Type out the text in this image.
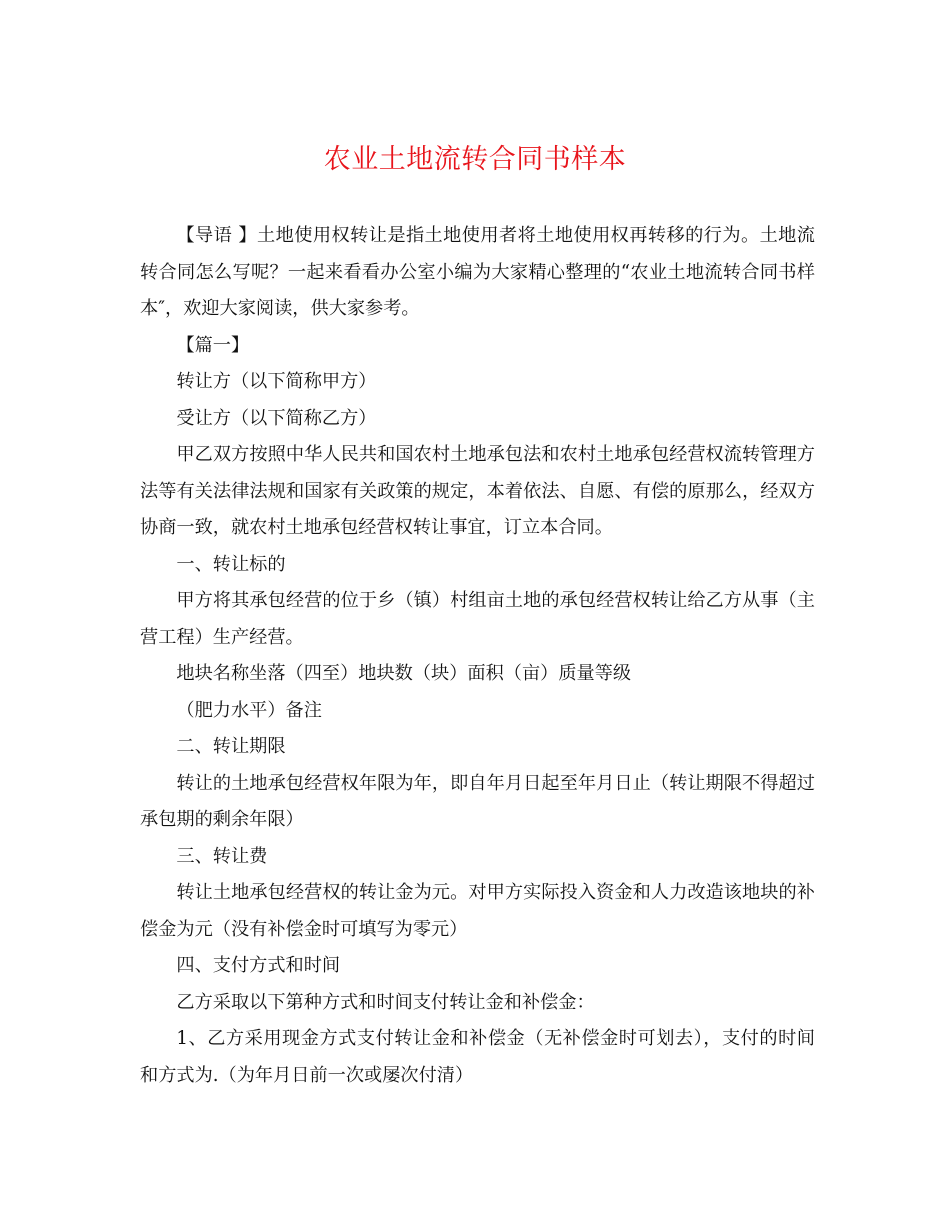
农业土地流转合同书样本

【导语 】土地使用权转让是指土地使用者将土地使用权再转移的行为。土地流转合同怎么写呢？一起来看看办公室小编为大家精心整理的“农业土地流转合同书样本″，欢迎大家阅读，供大家参考。

【篇一】

转让方（以下简称甲方）

受让方（以下简称乙方）

甲乙双方按照中华人民共和国农村土地承包法和农村土地承包经营权流转管理方法等有关法律法规和国家有关政策的规定，本着依法、自愿、有偿的原那么，经双方协商一致，就农村土地承包经营权转让事宜，订立本合同。

一、转让标的

甲方将其承包经营的位于乡（镇）村组亩土地的承包经营权转让给乙方从事（主营工程）生产经营。

地块名称坐落（四至）地块数（块）面积（亩）质量等级

（肥力水平）备注

二、转让期限

转让的土地承包经营权年限为年，即自年月日起至年月日止（转让期限不得超过承包期的剩余年限）

三、转让费

转让土地承包经营权的转让金为元。对甲方实际投入资金和人力改造该地块的补偿金为元（没有补偿金时可填写为零元）

四、支付方式和时间

乙方采取以下第种方式和时间支付转让金和补偿金：

1、乙方采用现金方式支付转让金和补偿金（无补偿金时可划去），支付的时间和方式为.（为年月日前一次或屡次付清）
